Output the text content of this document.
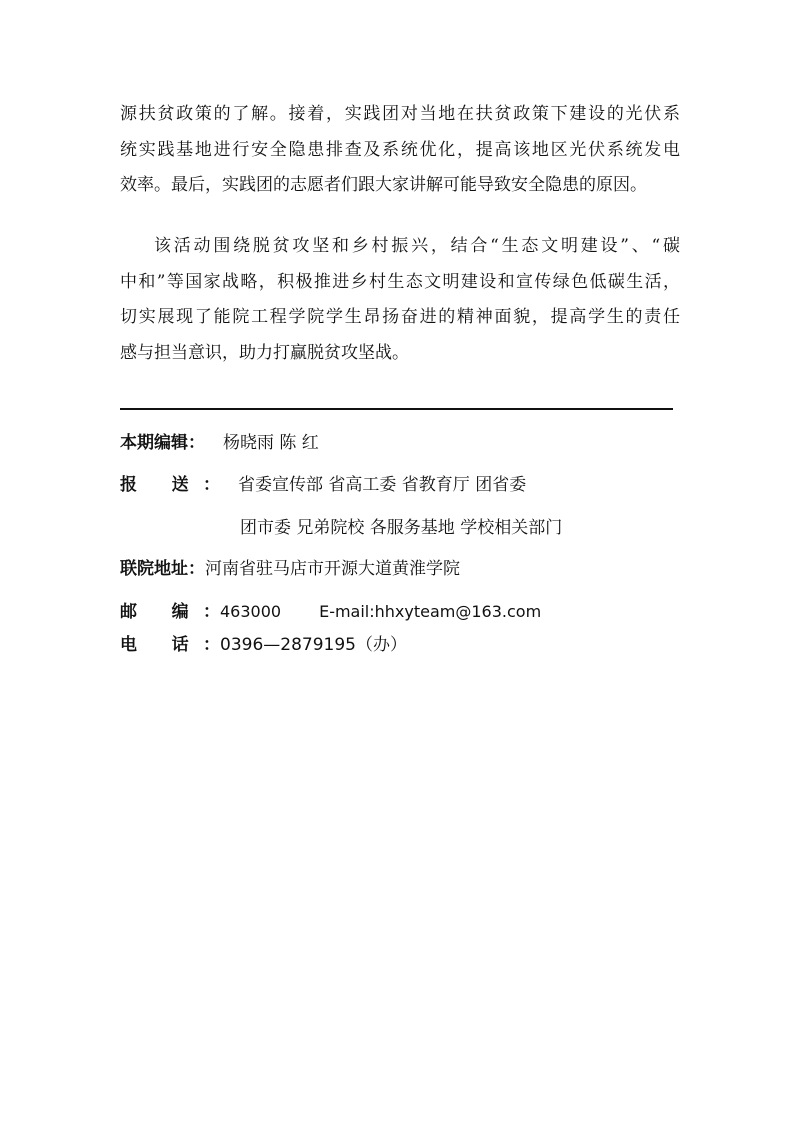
源扶贫政策的了解。接着，实践团对当地在扶贫政策下建设的光伏系
统实践基地进行安全隐患排查及系统优化，提高该地区光伏系统发电
效率。最后，实践团的志愿者们跟大家讲解可能导致安全隐患的原因。
该活动围绕脱贫攻坚和乡村振兴，结合“生态文明建设”、“碳
中和”等国家战略，积极推进乡村生态文明建设和宣传绿色低碳生活，
切实展现了能院工程学院学生昂扬奋进的精神面貌，提高学生的责任
感与担当意识，助力打赢脱贫攻坚战。
本期编辑： 杨晓雨 陈 红
报 送： 省委宣传部 省高工委 省教育厅 团省委
团市委 兄弟院校 各服务基地 学校相关部门
联院地址：河南省驻马店市开源大道黄淮学院
邮 编：463000 E-mail:hhxyteam@163.com
电 话：0396—2879195（办）
